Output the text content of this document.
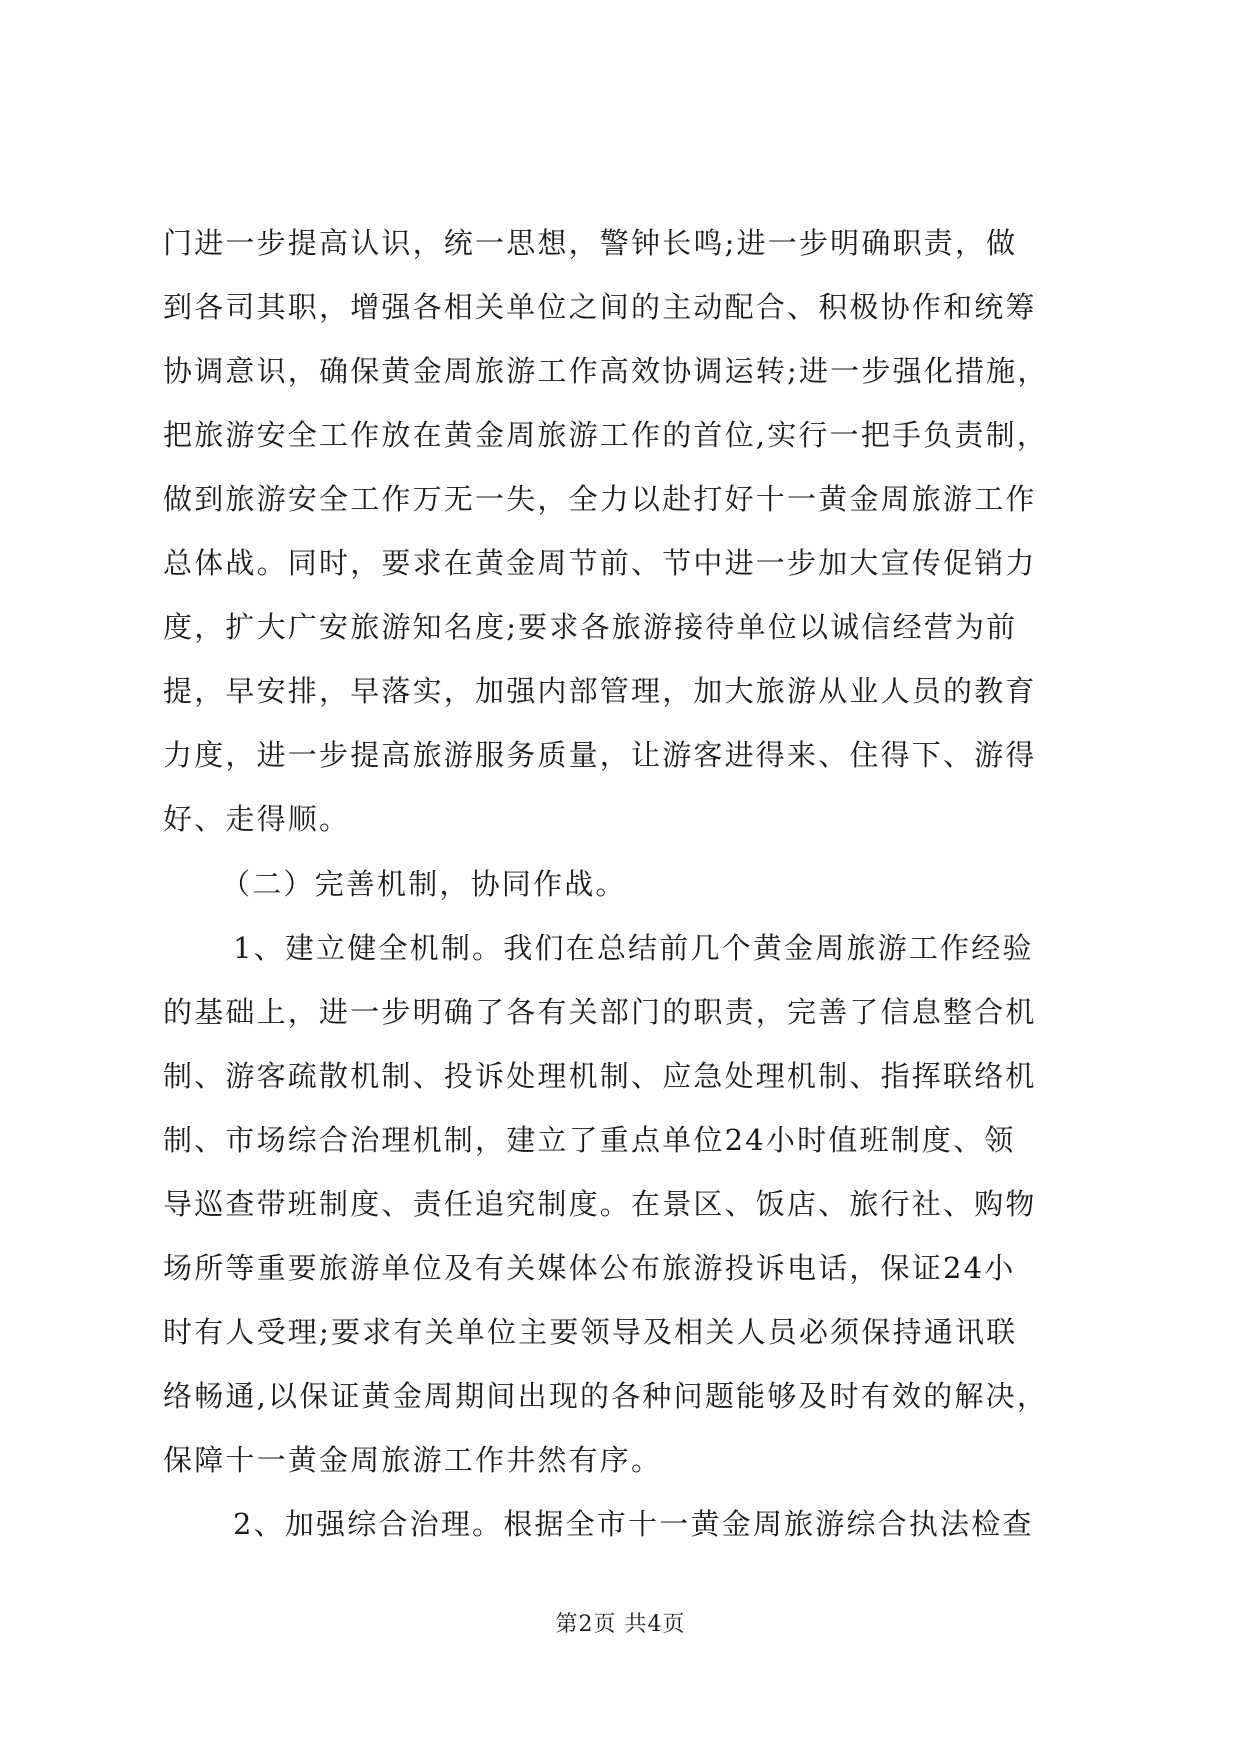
门进一步提高认识，统一思想，警钟长鸣;进一步明确职责，做
到各司其职，增强各相关单位之间的主动配合、积极协作和统筹
协调意识，确保黄金周旅游工作高效协调运转;进一步强化措施，
把旅游安全工作放在黄金周旅游工作的首位,实行一把手负责制，
做到旅游安全工作万无一失，全力以赴打好十一黄金周旅游工作
总体战。同时，要求在黄金周节前、节中进一步加大宣传促销力
度，扩大广安旅游知名度;要求各旅游接待单位以诚信经营为前
提，早安排，早落实，加强内部管理，加大旅游从业人员的教育
力度，进一步提高旅游服务质量，让游客进得来、住得下、游得
好、走得顺。
（二）完善机制，协同作战。
1、建立健全机制。我们在总结前几个黄金周旅游工作经验
的基础上，进一步明确了各有关部门的职责，完善了信息整合机
制、游客疏散机制、投诉处理机制、应急处理机制、指挥联络机
制、市场综合治理机制，建立了重点单位24小时值班制度、领
导巡查带班制度、责任追究制度。在景区、饭店、旅行社、购物
场所等重要旅游单位及有关媒体公布旅游投诉电话，保证24小
时有人受理;要求有关单位主要领导及相关人员必须保持通讯联
络畅通,以保证黄金周期间出现的各种问题能够及时有效的解决，
保障十一黄金周旅游工作井然有序。
2、加强综合治理。根据全市十一黄金周旅游综合执法检查
第2页 共4页
